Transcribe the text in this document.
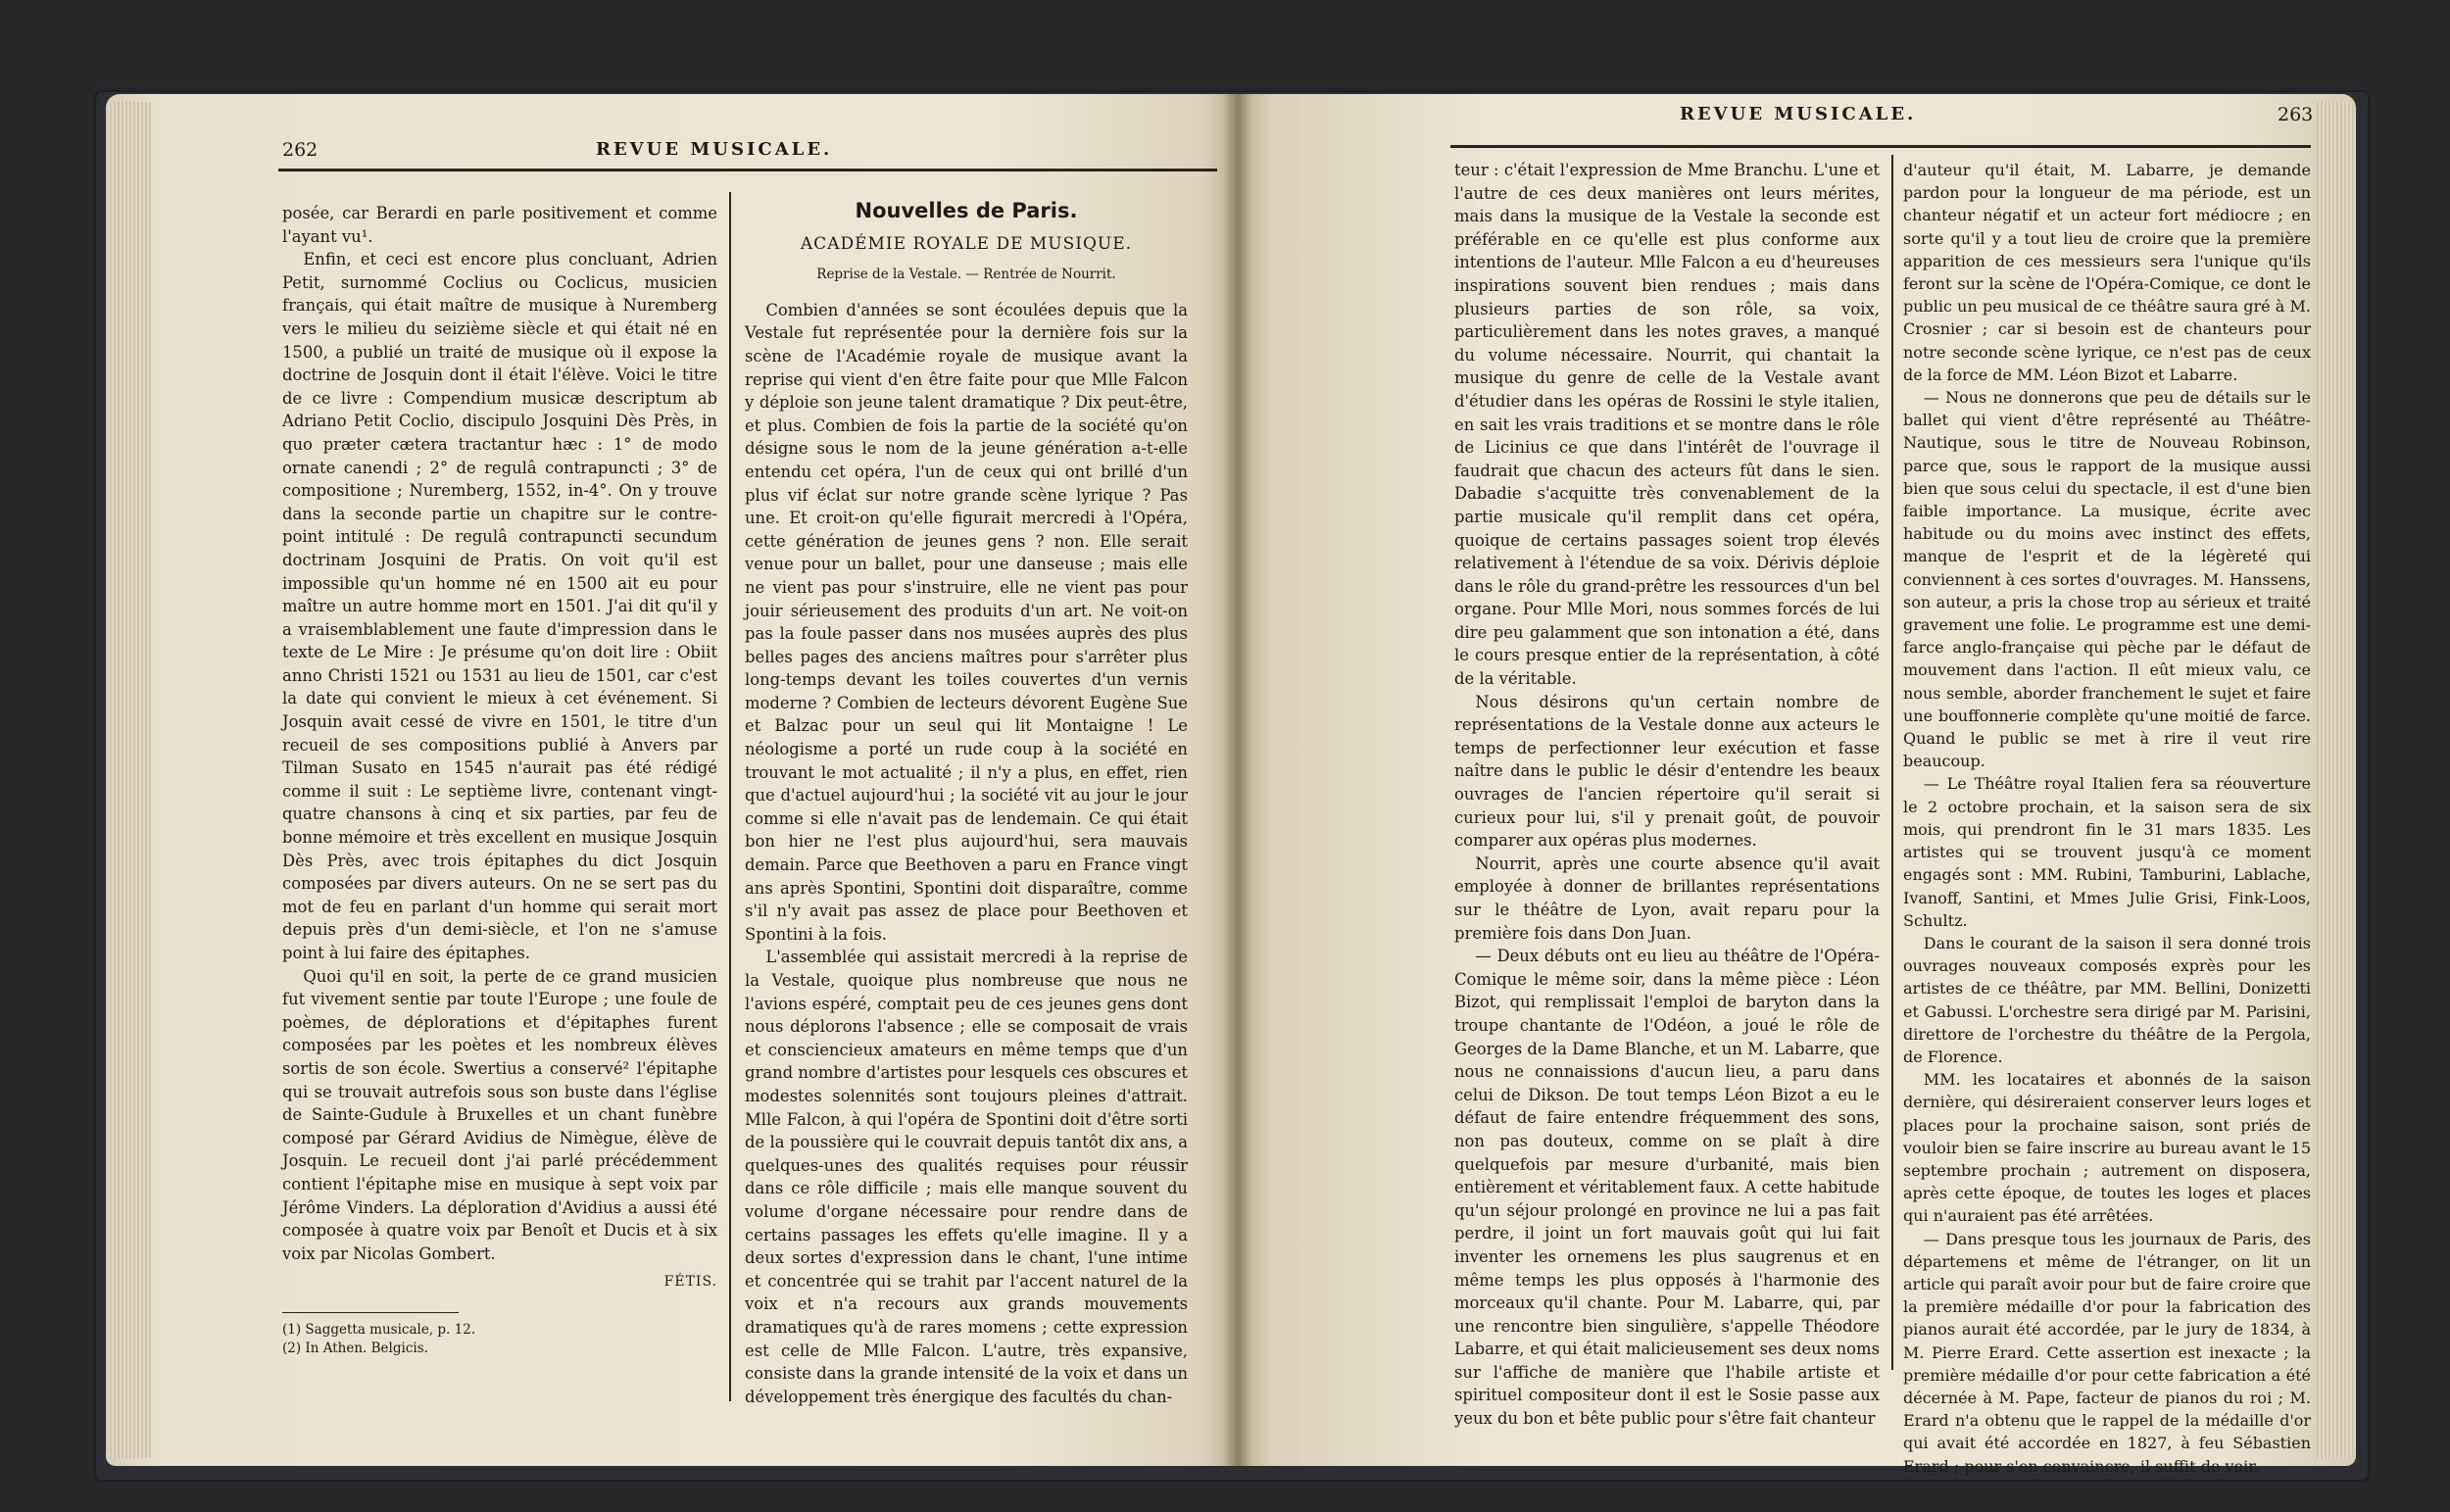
262	REVUE MUSICALE.

posée, car Berardi en parle positivement et comme l'ayant vu¹.

Enfin, et ceci est encore plus concluant, Adrien Petit, surnommé Coclius ou Coclicus, musicien français, qui était maître de musique à Nuremberg vers le milieu du seizième siècle et qui était né en 1500, a publié un traité de musique où il expose la doctrine de Josquin dont il était l'élève. Voici le titre de ce livre : Compendium musicæ descriptum ab Adriano Petit Coclio, discipulo Josquini Dès Près, in quo præter cætera tractantur hæc : 1° de modo ornate canendi ; 2° de regulâ contrapuncti ; 3° de compositione ; Nuremberg, 1552, in-4°. On y trouve dans la seconde partie un chapitre sur le contre-point intitulé : De regulâ contrapuncti secundum doctrinam Josquini de Pratis. On voit qu'il est impossible qu'un homme né en 1500 ait eu pour maître un autre homme mort en 1501. J'ai dit qu'il y a vraisemblablement une faute d'impression dans le texte de Le Mire : Je présume qu'on doit lire : Obiit anno Christi 1521 ou 1531 au lieu de 1501, car c'est la date qui convient le mieux à cet événement. Si Josquin avait cessé de vivre en 1501, le titre d'un recueil de ses compositions publié à Anvers par Tilman Susato en 1545 n'aurait pas été rédigé comme il suit : Le septième livre, contenant vingt-quatre chansons à cinq et six parties, par feu de bonne mémoire et très excellent en musique Josquin Dès Près, avec trois épitaphes du dict Josquin composées par divers auteurs. On ne se sert pas du mot de feu en parlant d'un homme qui serait mort depuis près d'un demi-siècle, et l'on ne s'amuse point à lui faire des épitaphes.

Quoi qu'il en soit, la perte de ce grand musicien fut vivement sentie par toute l'Europe ; une foule de poèmes, de déplorations et d'épitaphes furent composées par les poètes et les nombreux élèves sortis de son école. Swertius a conservé² l'épitaphe qui se trouvait autrefois sous son buste dans l'église de Sainte-Gudule à Bruxelles et un chant funèbre composé par Gérard Avidius de Nimègue, élève de Josquin. Le recueil dont j'ai parlé précédemment contient l'épitaphe mise en musique à sept voix par Jérôme Vinders. La déploration d'Avidius a aussi été composée à quatre voix par Benoît et Ducis et à six voix par Nicolas Gombert.

FÉTIS.
(1) Saggetta musicale, p. 12.
(2) In Athen. Belgicis.
Nouvelles de Paris.
ACADÉMIE ROYALE DE MUSIQUE.
Reprise de la Vestale. — Rentrée de Nourrit.

Combien d'années se sont écoulées depuis que la Vestale fut représentée pour la dernière fois sur la scène de l'Académie royale de musique avant la reprise qui vient d'en être faite pour que Mlle Falcon y déploie son jeune talent dramatique ? Dix peut-être, et plus. Combien de fois la partie de la société qu'on désigne sous le nom de la jeune génération a-t-elle entendu cet opéra, l'un de ceux qui ont brillé d'un plus vif éclat sur notre grande scène lyrique ? Pas une. Et croit-on qu'elle figurait mercredi à l'Opéra, cette génération de jeunes gens ? non. Elle serait venue pour un ballet, pour une danseuse ; mais elle ne vient pas pour s'instruire, elle ne vient pas pour jouir sérieusement des produits d'un art. Ne voit-on pas la foule passer dans nos musées auprès des plus belles pages des anciens maîtres pour s'arrêter plus long-temps devant les toiles couvertes d'un vernis moderne ? Combien de lecteurs dévorent Eugène Sue et Balzac pour un seul qui lit Montaigne ! Le néologisme a porté un rude coup à la société en trouvant le mot actualité ; il n'y a plus, en effet, rien que d'actuel aujourd'hui ; la société vit au jour le jour comme si elle n'avait pas de lendemain. Ce qui était bon hier ne l'est plus aujourd'hui, sera mauvais demain. Parce que Beethoven a paru en France vingt ans après Spontini, Spontini doit disparaître, comme s'il n'y avait pas assez de place pour Beethoven et Spontini à la fois.

L'assemblée qui assistait mercredi à la reprise de la Vestale, quoique plus nombreuse que nous ne l'avions espéré, comptait peu de ces jeunes gens dont nous déplorons l'absence ; elle se composait de vrais et consciencieux amateurs en même temps que d'un grand nombre d'artistes pour lesquels ces obscures et modestes solennités sont toujours pleines d'attrait. Mlle Falcon, à qui l'opéra de Spontini doit d'être sorti de la poussière qui le couvrait depuis tantôt dix ans, a quelques-unes des qualités requises pour réussir dans ce rôle difficile ; mais elle manque souvent du volume d'organe nécessaire pour rendre dans de certains passages les effets qu'elle imagine. Il y a deux sortes d'expression dans le chant, l'une intime et concentrée qui se trahit par l'accent naturel de la voix et n'a recours aux grands mouvements dramatiques qu'à de rares momens ; cette expression est celle de Mlle Falcon. L'autre, très expansive, consiste dans la grande intensité de la voix et dans un développement très énergique des facultés du chan-

REVUE MUSICALE.	263

teur : c'était l'expression de Mme Branchu. L'une et l'autre de ces deux manières ont leurs mérites, mais dans la musique de la Vestale la seconde est préférable en ce qu'elle est plus conforme aux intentions de l'auteur. Mlle Falcon a eu d'heureuses inspirations souvent bien rendues ; mais dans plusieurs parties de son rôle, sa voix, particulièrement dans les notes graves, a manqué du volume nécessaire. Nourrit, qui chantait la musique du genre de celle de la Vestale avant d'étudier dans les opéras de Rossini le style italien, en sait les vrais traditions et se montre dans le rôle de Licinius ce que dans l'intérêt de l'ouvrage il faudrait que chacun des acteurs fût dans le sien. Dabadie s'acquitte très convenablement de la partie musicale qu'il remplit dans cet opéra, quoique de certains passages soient trop élevés relativement à l'étendue de sa voix. Dérivis déploie dans le rôle du grand-prêtre les ressources d'un bel organe. Pour Mlle Mori, nous sommes forcés de lui dire peu galamment que son intonation a été, dans le cours presque entier de la représentation, à côté de la véritable.

Nous désirons qu'un certain nombre de représentations de la Vestale donne aux acteurs le temps de perfectionner leur exécution et fasse naître dans le public le désir d'entendre les beaux ouvrages de l'ancien répertoire qu'il serait si curieux pour lui, s'il y prenait goût, de pouvoir comparer aux opéras plus modernes.

Nourrit, après une courte absence qu'il avait employée à donner de brillantes représentations sur le théâtre de Lyon, avait reparu pour la première fois dans Don Juan.

— Deux débuts ont eu lieu au théâtre de l'Opéra-Comique le même soir, dans la même pièce : Léon Bizot, qui remplissait l'emploi de baryton dans la troupe chantante de l'Odéon, a joué le rôle de Georges de la Dame Blanche, et un M. Labarre, que nous ne connaissions d'aucun lieu, a paru dans celui de Dikson. De tout temps Léon Bizot a eu le défaut de faire entendre fréquemment des sons, non pas douteux, comme on se plaît à dire quelquefois par mesure d'urbanité, mais bien entièrement et véritablement faux. A cette habitude qu'un séjour prolongé en province ne lui a pas fait perdre, il joint un fort mauvais goût qui lui fait inventer les ornemens les plus saugrenus et en même temps les plus opposés à l'harmonie des morceaux qu'il chante. Pour M. Labarre, qui, par une rencontre bien singulière, s'appelle Théodore Labarre, et qui était malicieusement ses deux noms sur l'affiche de manière que l'habile artiste et spirituel compositeur dont il est le Sosie passe aux yeux du bon et bête public pour s'être fait chanteur

d'auteur qu'il était, M. Labarre, je demande pardon pour la longueur de ma période, est un chanteur négatif et un acteur fort médiocre ; en sorte qu'il y a tout lieu de croire que la première apparition de ces messieurs sera l'unique qu'ils feront sur la scène de l'Opéra-Comique, ce dont le public un peu musical de ce théâtre saura gré à M. Crosnier ; car si besoin est de chanteurs pour notre seconde scène lyrique, ce n'est pas de ceux de la force de MM. Léon Bizot et Labarre.

— Nous ne donnerons que peu de détails sur le ballet qui vient d'être représenté au Théâtre-Nautique, sous le titre de Nouveau Robinson, parce que, sous le rapport de la musique aussi bien que sous celui du spectacle, il est d'une bien faible importance. La musique, écrite avec habitude ou du moins avec instinct des effets, manque de l'esprit et de la légèreté qui conviennent à ces sortes d'ouvrages. M. Hanssens, son auteur, a pris la chose trop au sérieux et traité gravement une folie. Le programme est une demi-farce anglo-française qui pèche par le défaut de mouvement dans l'action. Il eût mieux valu, ce nous semble, aborder franchement le sujet et faire une bouffonnerie complète qu'une moitié de farce. Quand le public se met à rire il veut rire beaucoup.

— Le Théâtre royal Italien fera sa réouverture le 2 octobre prochain, et la saison sera de six mois, qui prendront fin le 31 mars 1835. Les artistes qui se trouvent jusqu'à ce moment engagés sont : MM. Rubini, Tamburini, Lablache, Ivanoff, Santini, et Mmes Julie Grisi, Fink-Loos, Schultz.

Dans le courant de la saison il sera donné trois ouvrages nouveaux composés exprès pour les artistes de ce théâtre, par MM. Bellini, Donizetti et Gabussi. L'orchestre sera dirigé par M. Parisini, direttore de l'orchestre du théâtre de la Pergola, de Florence.

MM. les locataires et abonnés de la saison dernière, qui désireraient conserver leurs loges et places pour la prochaine saison, sont priés de vouloir bien se faire inscrire au bureau avant le 15 septembre prochain ; autrement on disposera, après cette époque, de toutes les loges et places qui n'auraient pas été arrêtées.

— Dans presque tous les journaux de Paris, des départemens et même de l'étranger, on lit un article qui paraît avoir pour but de faire croire que la première médaille d'or pour la fabrication des pianos aurait été accordée, par le jury de 1834, à M. Pierre Erard. Cette assertion est inexacte ; la première médaille d'or pour cette fabrication a été décernée à M. Pape, facteur de pianos du roi ; M. Erard n'a obtenu que le rappel de la médaille d'or qui avait été accordée en 1827, à feu Sébastien Erard ; pour s'en convaincre, il suffit de voir,
